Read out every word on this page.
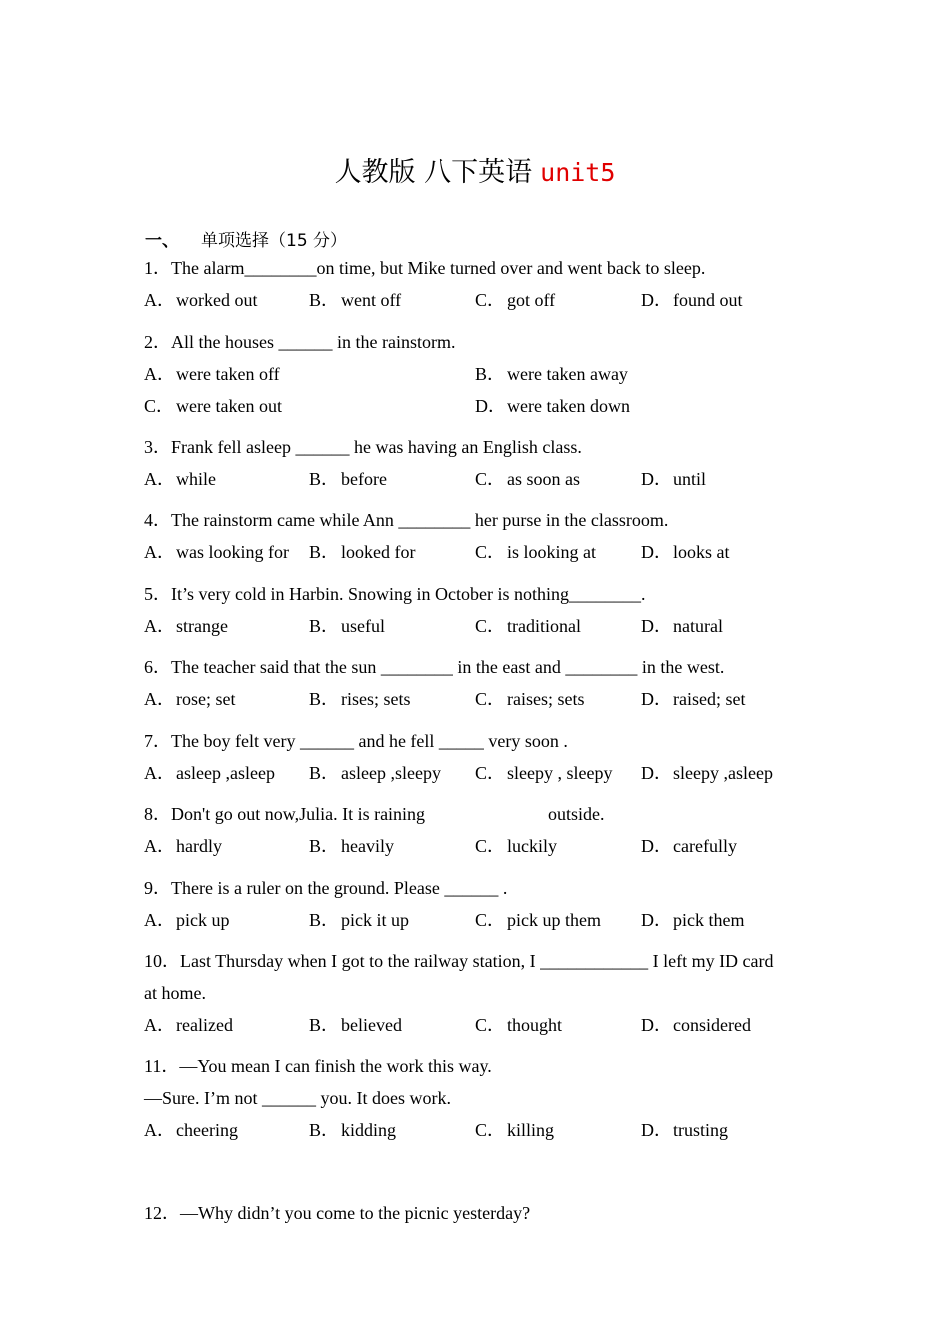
人教版 八下英语 unit5
一、 单项选择（15 分）
1．The alarm________on time, but Mike turned over and went back to sleep.
A．worked out	B． went off	C． got off	D．found out
2．All the houses ______ in the rainstorm.
A．were taken off	B． were taken away
C． were taken out	D．were taken down
3．Frank fell asleep ______ he was having an English class.
A．while	B． before	C． as soon as	D．until
4．The rainstorm came while Ann ________ her purse in the classroom.
A．was looking for B． looked for	C． is looking at	D．looks at
5．It’s very cold in Harbin. Snowing in October is nothing________.
A．strange	B． useful	C． traditional	D．natural
6．The teacher said that the sun ________ in the east and ________ in the west.
A．rose; set	B． rises; sets	C． raises; sets	D．raised; set
7．The boy felt very ______ and he fell _____ very soon .
A．asleep ,asleep B． asleep ,sleepy C． sleepy , sleepy D．sleepy ,asleep
8．Don't go out now,Julia. It is raining	outside.
A．hardly	B． heavily	C． luckily	D．carefully
9．There is a ruler on the ground. Please ______ .
A．pick up	B． pick it up	C． pick up them D．pick them
10．Last Thursday when I got to the railway station, I ____________ I left my ID card
at home.
A．realized	B． believed	C． thought	D．considered
11．—You mean I can finish the work this way.
—Sure. I’m not ______ you. It does work.
A．cheering	B． kidding	C． killing	D．trusting
12．—Why didn’t you come to the picnic yesterday?
